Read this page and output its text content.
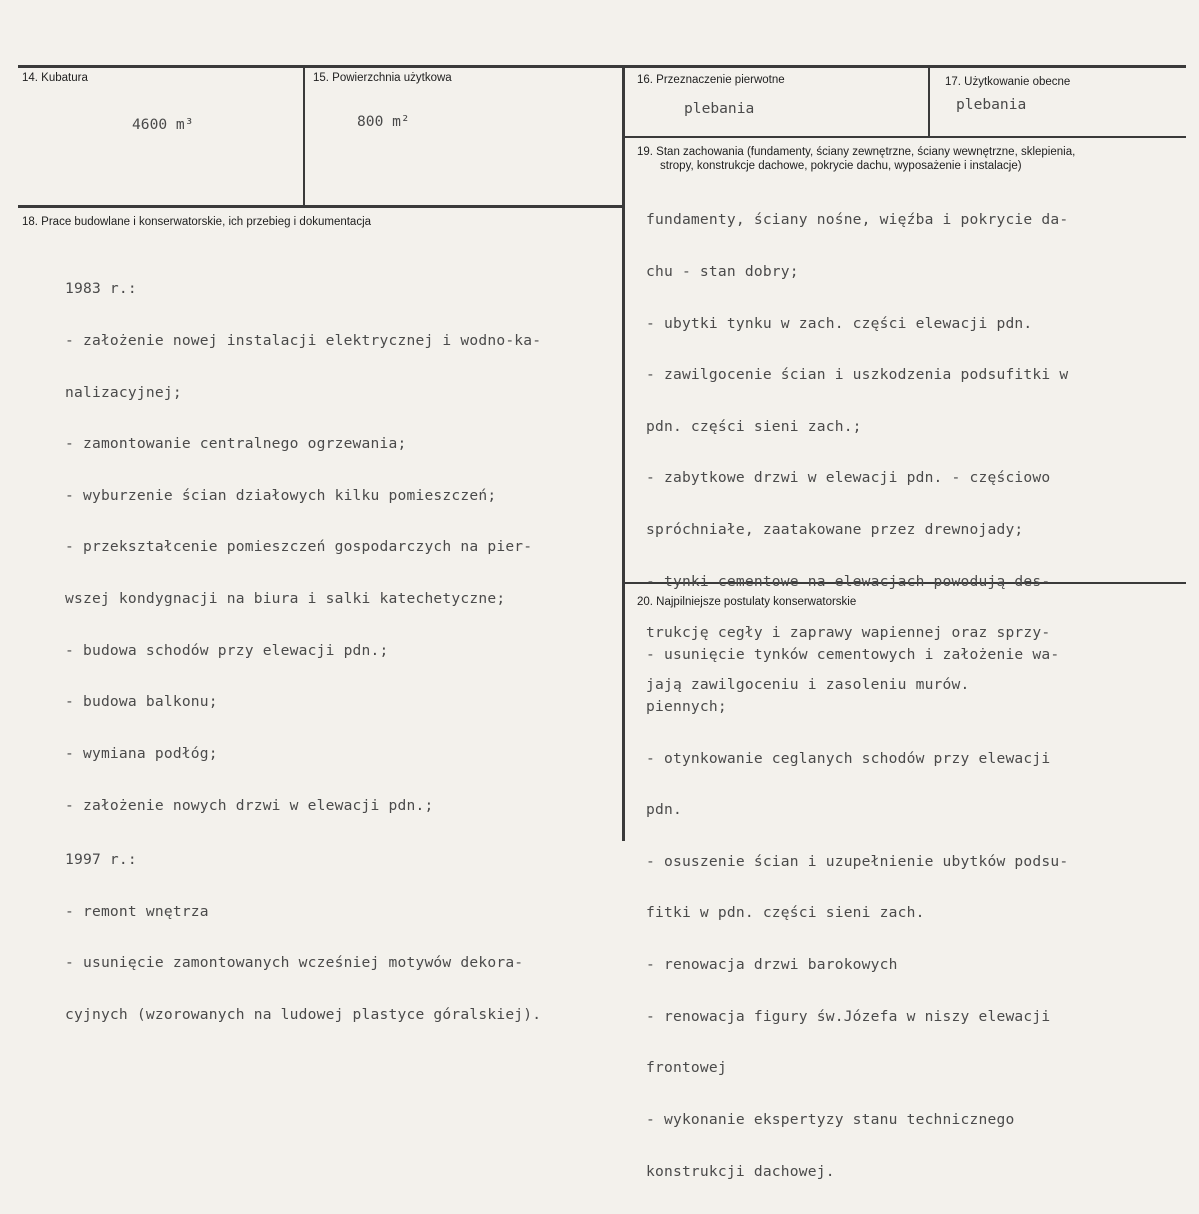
14. Kubatura
4600 m³
15. Powierzchnia użytkowa
800 m²
16. Przeznaczenie pierwotne
plebania
17. Użytkowanie obecne
plebania
18. Prace budowlane i konserwatorskie, ich przebieg i dokumentacja

1983 r.:

- założenie nowej instalacji elektrycznej i wodno-ka-

nalizacyjnej;

- zamontowanie centralnego ogrzewania;

- wyburzenie ścian działowych kilku pomieszczeń;

- przekształcenie pomieszczeń gospodarczych na pier-

wszej kondygnacji na biura i salki katechetyczne;

- budowa schodów przy elewacji pdn.;

- budowa balkonu;

- wymiana podłóg;

- założenie nowych drzwi w elewacji pdn.;

1997 r.:

- remont wnętrza

- usunięcie zamontowanych wcześniej motywów dekora-

cyjnych (wzorowanych na ludowej plastyce góralskiej).

19. Stan zachowania (fundamenty, ściany zewnętrzne, ściany wewnętrzne, sklepienia,
stropy, konstrukcje dachowe, pokrycie dachu, wyposażenie i instalacje)

fundamenty, ściany nośne, więźba i pokrycie da-

chu - stan dobry;

- ubytki tynku w zach. części elewacji pdn.

- zawilgocenie ścian i uszkodzenia podsufitki w

pdn. części sieni zach.;

- zabytkowe drzwi w elewacji pdn. - częściowo

spróchniałe, zaatakowane przez drewnojady;

- tynki cementowe na elewacjach powodują des-

trukcję cegły i zaprawy wapiennej oraz sprzy-

jają zawilgoceniu i zasoleniu murów.

20. Najpilniejsze postulaty konserwatorskie

- usunięcie tynków cementowych i założenie wa-

piennych;

- otynkowanie ceglanych schodów przy elewacji

pdn.

- osuszenie ścian i uzupełnienie ubytków podsu-

fitki w pdn. części sieni zach.

- renowacja drzwi barokowych

- renowacja figury św.Józefa w niszy elewacji

frontowej

- wykonanie ekspertyzy stanu technicznego

konstrukcji dachowej.
